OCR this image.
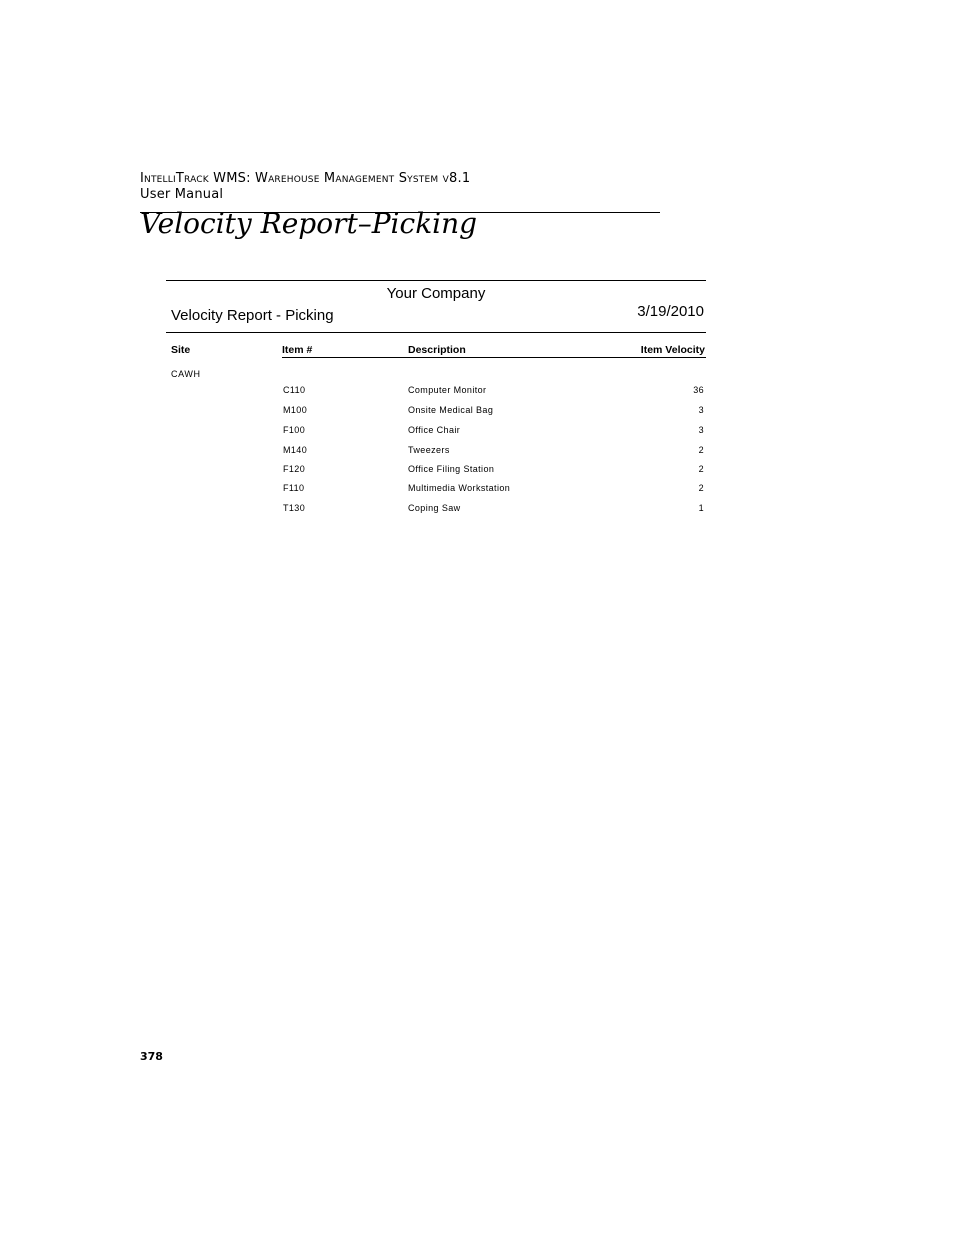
IntelliTrack WMS: Warehouse Management System v8.1
User Manual
Velocity Report–Picking
Your Company
Velocity Report - Picking	3/19/2010
Site	Item #	Description	Item Velocity
CAWH
C110	Computer Monitor	36
M100	Onsite Medical Bag	3
F100	Office Chair	3
M140	Tweezers	2
F120	Office Filing Station	2
F110	Multimedia Workstation	2
T130	Coping Saw	1
378
